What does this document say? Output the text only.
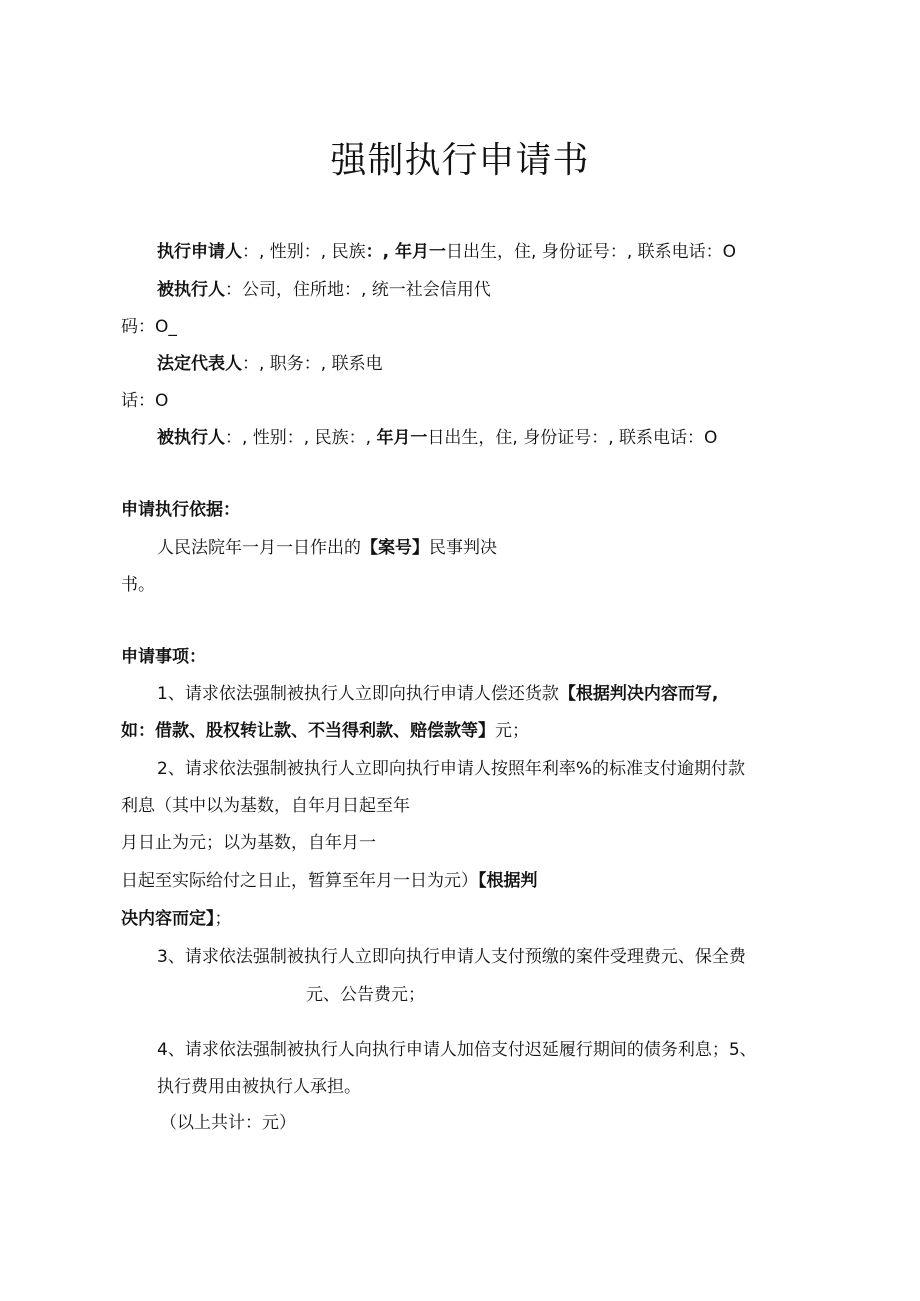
强制执行申请书
执行申请人：, 性别：, 民族：, 年月一日出生，住, 身份证号：, 联系电话：O
被执行人：公司，住所地：, 统一社会信用代
码：O_
法定代表人：, 职务：, 联系电
话：O
被执行人：, 性别：, 民族：, 年月一日出生，住, 身份证号：, 联系电话：O
申请执行依据：
人民法院年一月一日作出的【案号】民事判决
书。
申请事项：
1、请求依法强制被执行人立即向执行申请人偿还货款【根据判决内容而写,
如：借款、股权转让款、不当得利款、赔偿款等】元；
2、请求依法强制被执行人立即向执行申请人按照年利率%的标准支付逾期付款
利息（其中以为基数，自年月日起至年
月日止为元；以为基数，自年月一
日起至实际给付之日止，暂算至年月一日为元）【根据判
决内容而定】；
3、请求依法强制被执行人立即向执行申请人支付预缴的案件受理费元、保全费
元、公告费元；
4、请求依法强制被执行人向执行申请人加倍支付迟延履行期间的债务利息；5、
执行费用由被执行人承担。
（以上共计：元）
